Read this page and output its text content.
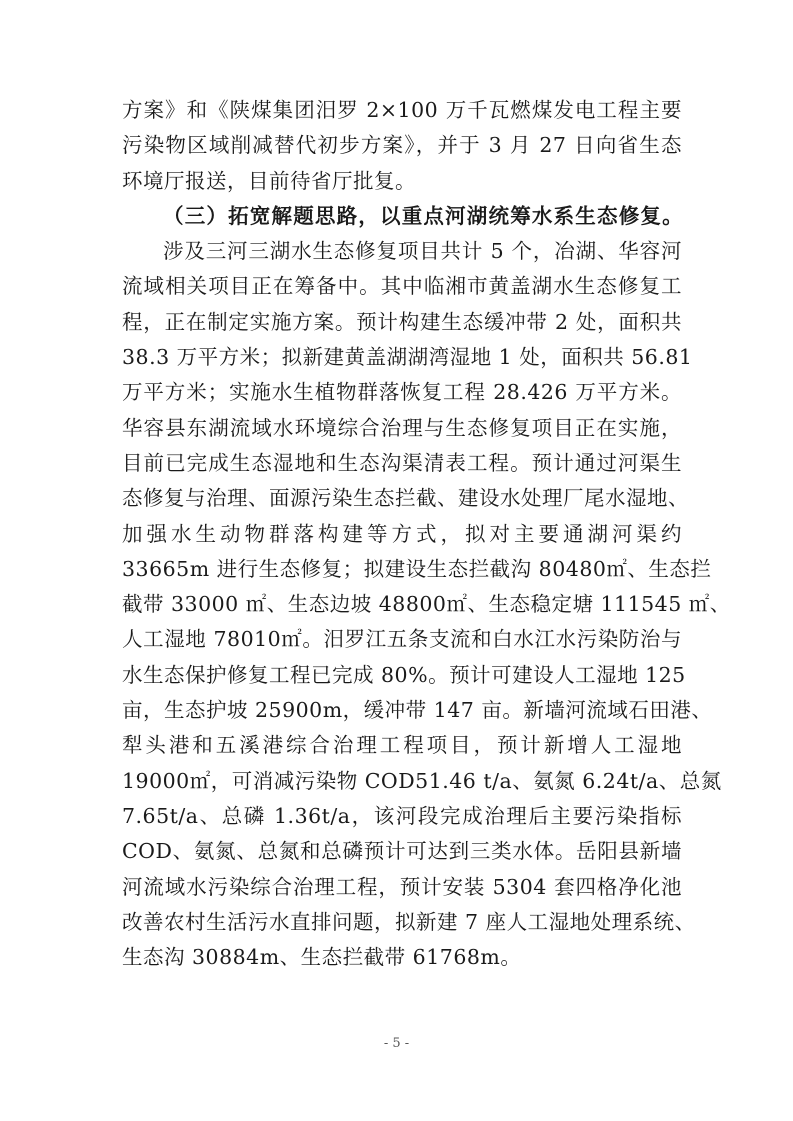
方案》和《陕煤集团汨罗 2×100 万千瓦燃煤发电工程主要
污染物区域削减替代初步方案》，并于 3 月 27 日向省生态
环境厅报送，目前待省厅批复。
（三）拓宽解题思路，以重点河湖统筹水系生态修复。
涉及三河三湖水生态修复项目共计 5 个，冶湖、华容河
流域相关项目正在筹备中。其中临湘市黄盖湖水生态修复工
程，正在制定实施方案。预计构建生态缓冲带 2 处，面积共
38.3 万平方米；拟新建黄盖湖湖湾湿地 1 处，面积共 56.81
万平方米；实施水生植物群落恢复工程 28.426 万平方米。
华容县东湖流域水环境综合治理与生态修复项目正在实施，
目前已完成生态湿地和生态沟渠清表工程。预计通过河渠生
态修复与治理、面源污染生态拦截、建设水处理厂尾水湿地、
加强水生动物群落构建等方式，拟对主要通湖河渠约
33665m 进行生态修复；拟建设生态拦截沟 80480㎡、生态拦
截带 33000 ㎡、生态边坡 48800㎡、生态稳定塘 111545 ㎡、
人工湿地 78010㎡。汨罗江五条支流和白水江水污染防治与
水生态保护修复工程已完成 80%。预计可建设人工湿地 125
亩，生态护坡 25900m，缓冲带 147 亩。新墙河流域石田港、
犁头港和五溪港综合治理工程项目，预计新增人工湿地
19000㎡，可消减污染物 COD51.46 t/a、氨氮 6.24t/a、总氮
7.65t/a、总磷 1.36t/a，该河段完成治理后主要污染指标
COD、氨氮、总氮和总磷预计可达到三类水体。岳阳县新墙
河流域水污染综合治理工程，预计安装 5304 套四格净化池
改善农村生活污水直排问题，拟新建 7 座人工湿地处理系统、
生态沟 30884m、生态拦截带 61768m。
- 5 -
